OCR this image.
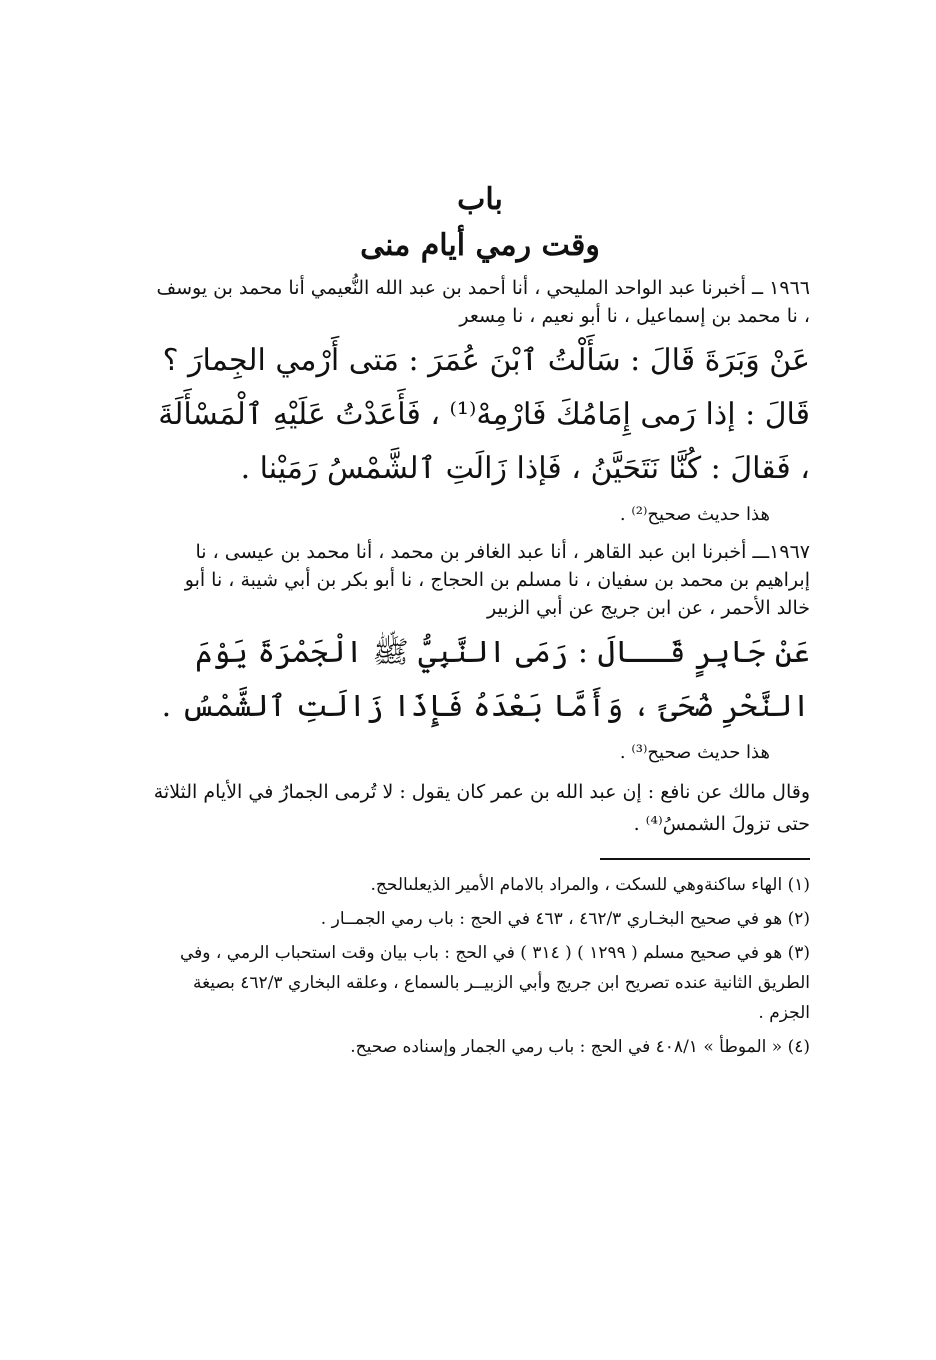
باب
وقت رمي أيام منى

١٩٦٦ ــ أخبرنا عبد الواحد المليحي ، أنا أحمد بن عبد الله النُّعيمي أنا محمد بن يوسف ، نا محمد بن إسماعيل ، نا أبو نعيم ، نا مِسعر

عَنْ وَبَرَةَ قَالَ : سَأَلْتُ ٱبْنَ عُمَرَ : مَتى أَرْمي الجِمارَ ؟ قَالَ : إذا رَمى إِمَامُكَ فَارْمِهْ⁽¹⁾ ، فَأَعَدْتُ عَلَيْهِ ٱلْمَسْأَلَةَ ، فَقالَ : كُنَّا نَتَحَيَّنُ ، فَإذا زَالَتِ ٱلشَّمْسُ رَمَيْنا .

هذا حديث صحيح⁽²⁾ .

١٩٦٧ـــ أخبرنا ابن عبد القاهر ، أنا عبد الغافر بن محمد ، أنا محمد بن عيسى ، نا إبراهيم بن محمد بن سفيان ، نا مسلم بن الحجاج ، نا أبو بكر بن أبي شيبة ، نا أبو خالد الأحمر ، عن ابن جريج عن أبي الزبير

عَنْ جَابِرٍ قَــالَ : رَمَى النَّبِيُّ ﷺ الْجَمْرَةَ يَوْمَ النَّحْرِ ضُحَىً ، وَأَمَّا بَعْدَهُ فَإِذَا زَالَتِ ٱلشَّمْسُ .

هذا حديث صحيح⁽³⁾ .

وقال مالك عن نافع : إن عبد الله بن عمر كان يقول : لا تُرمى الجمارُ في الأيام الثلاثة حتى تزولَ الشمسُ⁽⁴⁾ .

(١) الهاء ساكنةوهي للسكت ، والمراد بالامام الأمير الذيعلىالحج.

(٢) هو في صحيح البخـاري ٤٦٢/٣ ، ٤٦٣ في الحج : باب رمي الجمــار .

(٣) هو في صحيح مسلم ( ١٢٩٩ ) ( ٣١٤ ) في الحج : باب بيان وقت استحباب الرمي ، وفي الطريق الثانية عنده تصريح ابن جريج وأبي الزبيــر بالسماع ، وعلقه البخاري ٤٦٢/٣ بصيغة الجزم .

(٤) « الموطأ » ٤٠٨/١ في الحج : باب رمي الجمار وإسناده صحيح.
